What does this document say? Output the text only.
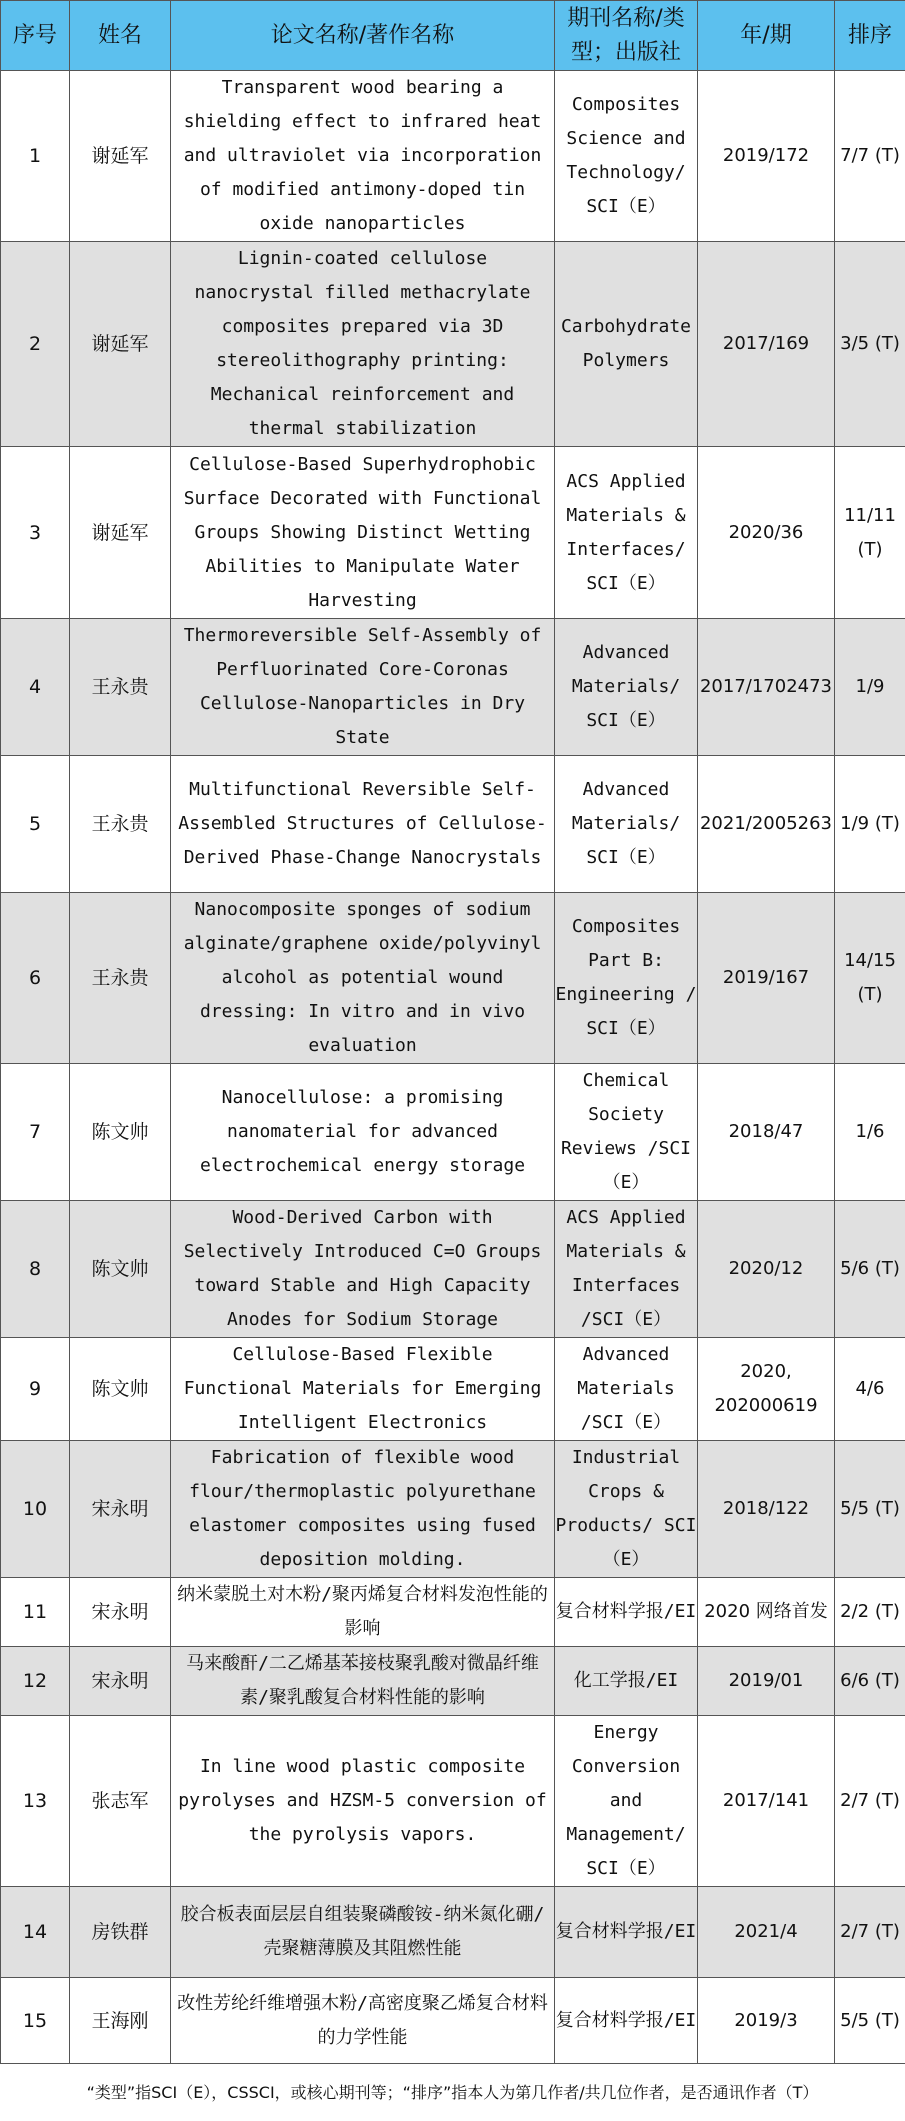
序号	姓名	论文名称/著作名称	期刊名称/类型；出版社	年/期	排序
1	谢延军	Transparent wood bearing a shielding effect to infrared heat and ultraviolet via incorporation of modified antimony-doped tin oxide nanoparticles	Composites Science and Technology/ SCI（E）	2019/172	7/7 (T)
2	谢延军	Lignin-coated cellulose nanocrystal filled methacrylate composites prepared via 3D stereolithography printing: Mechanical reinforcement and thermal stabilization	Carbohydrate Polymers	2017/169	3/5 (T)
3	谢延军	Cellulose-Based Superhydrophobic Surface Decorated with Functional Groups Showing Distinct Wetting Abilities to Manipulate Water Harvesting	ACS Applied Materials & Interfaces/ SCI（E）	2020/36	11/11 (T)
4	王永贵	Thermoreversible Self-Assembly of Perfluorinated Core-Coronas Cellulose-Nanoparticles in Dry State	Advanced Materials/ SCI（E）	2017/1702473	1/9
5	王永贵	Multifunctional Reversible Self-Assembled Structures of Cellulose-Derived Phase-Change Nanocrystals	Advanced Materials/ SCI（E）	2021/2005263	1/9 (T)
6	王永贵	Nanocomposite sponges of sodium alginate/graphene oxide/polyvinyl alcohol as potential wound dressing: In vitro and in vivo evaluation	Composites Part B: Engineering / SCI（E）	2019/167	14/15 (T)
7	陈文帅	Nanocellulose: a promising nanomaterial for advanced electrochemical energy storage	Chemical Society Reviews /SCI（E）	2018/47	1/6
8	陈文帅	Wood-Derived Carbon with Selectively Introduced C=O Groups toward Stable and High Capacity Anodes for Sodium Storage	ACS Applied Materials & Interfaces /SCI（E）	2020/12	5/6 (T)
9	陈文帅	Cellulose-Based Flexible Functional Materials for Emerging Intelligent Electronics	Advanced Materials /SCI（E）	2020, 202000619	4/6
10	宋永明	Fabrication of flexible wood flour/thermoplastic polyurethane elastomer composites using fused deposition molding.	Industrial Crops & Products/ SCI（E）	2018/122	5/5 (T)
11	宋永明	纳米蒙脱土对木粉/聚丙烯复合材料发泡性能的影响	复合材料学报/EI	2020 网络首发	2/2 (T)
12	宋永明	马来酸酐/二乙烯基苯接枝聚乳酸对微晶纤维素/聚乳酸复合材料性能的影响	化工学报/EI	2019/01	6/6 (T)
13	张志军	In line wood plastic composite pyrolyses and HZSM-5 conversion of the pyrolysis vapors.	Energy Conversion and Management/ SCI（E）	2017/141	2/7 (T)
14	房铁群	胶合板表面层层自组装聚磷酸铵-纳米氮化硼/壳聚糖薄膜及其阻燃性能	复合材料学报/EI	2021/4	2/7 (T)
15	王海刚	改性芳纶纤维增强木粉/高密度聚乙烯复合材料的力学性能	复合材料学报/EI	2019/3	5/5 (T)
“类型”指SCI（E），CSSCI，或核心期刊等；“排序”指本人为第几作者/共几位作者，是否通讯作者（T）
